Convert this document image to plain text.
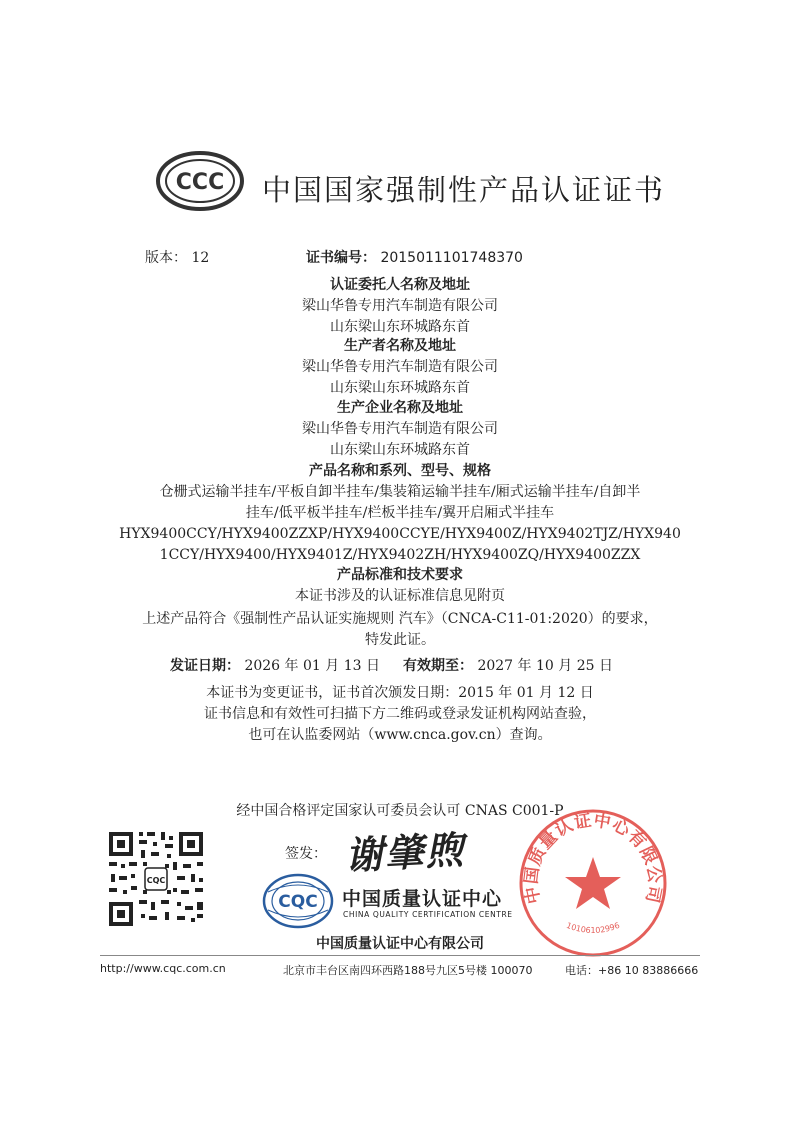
CCC 中国国家强制性产品认证证书
版本： 12	证书编号： 2015011101748370
认证委托人名称及地址
梁山华鲁专用汽车制造有限公司
山东梁山东环城路东首
生产者名称及地址
梁山华鲁专用汽车制造有限公司
山东梁山东环城路东首
生产企业名称及地址
梁山华鲁专用汽车制造有限公司
山东梁山东环城路东首
产品名称和系列、型号、规格
仓栅式运输半挂车/平板自卸半挂车/集装箱运输半挂车/厢式运输半挂车/自卸半
挂车/低平板半挂车/栏板半挂车/翼开启厢式半挂车
HYX9400CCY/HYX9400ZZXP/HYX9400CCYE/HYX9400Z/HYX9402TJZ/HYX940
1CCY/HYX9400/HYX9401Z/HYX9402ZH/HYX9400ZQ/HYX9400ZZX
产品标准和技术要求
本证书涉及的认证标准信息见附页
上述产品符合《强制性产品认证实施规则 汽车》（CNCA-C11-01:2020）的要求，
特发此证。
发证日期： 2026 年 01 月 13 日 有效期至： 2027 年 10 月 25 日
本证书为变更证书，证书首次颁发日期：2015 年 01 月 12 日
证书信息和有效性可扫描下方二维码或登录发证机构网站查验，
也可在认监委网站（www.cnca.gov.cn）查询。
经中国合格评定国家认可委员会认可 CNAS C001-P
CQC
签发： 谢肇煦
CQC 中国质量认证中心
CHINA QUALITY CERTIFICATION CENTRE
中国质量认证中心有限公司
10106102996
中国质量认证中心有限公司
http://www.cqc.com.cn	北京市丰台区南四环西路188号九区5号楼 100070	电话：+86 10 83886666
